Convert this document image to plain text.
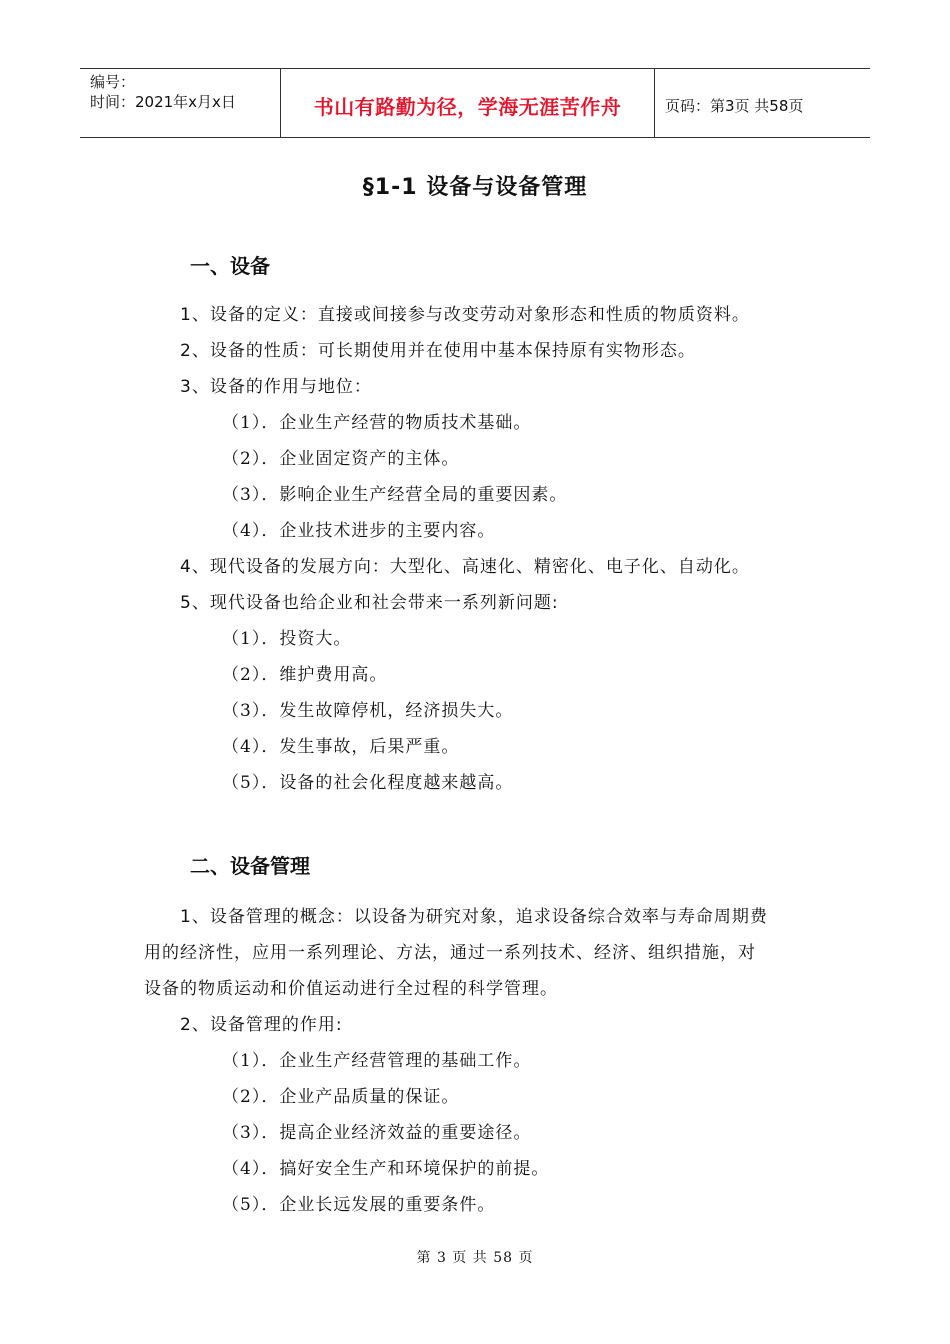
编号：
时间：2021年x月x日	书山有路勤为径，学海无涯苦作舟	页码：第3页 共58页
§1-1 设备与设备管理
一、设备
1、设备的定义：直接或间接参与改变劳动对象形态和性质的物质资料。
2、设备的性质：可长期使用并在使用中基本保持原有实物形态。
3、设备的作用与地位：
（1）．企业生产经营的物质技术基础。
（2）．企业固定资产的主体。
（3）．影响企业生产经营全局的重要因素。
（4）．企业技术进步的主要内容。
4、现代设备的发展方向：大型化、高速化、精密化、电子化、自动化。
5、现代设备也给企业和社会带来一系列新问题:
（1）．投资大。
（2）．维护费用高。
（3）．发生故障停机，经济损失大。
（4）．发生事故，后果严重。
（5）．设备的社会化程度越来越高。
二、设备管理
1、设备管理的概念：以设备为研究对象，追求设备综合效率与寿命周期费
用的经济性，应用一系列理论、方法，通过一系列技术、经济、组织措施，对
设备的物质运动和价值运动进行全过程的科学管理。
2、设备管理的作用:
（1）．企业生产经营管理的基础工作。
（2）．企业产品质量的保证。
（3）．提高企业经济效益的重要途径。
（4）．搞好安全生产和环境保护的前提。
（5）．企业长远发展的重要条件。
第 3 页 共 58 页
